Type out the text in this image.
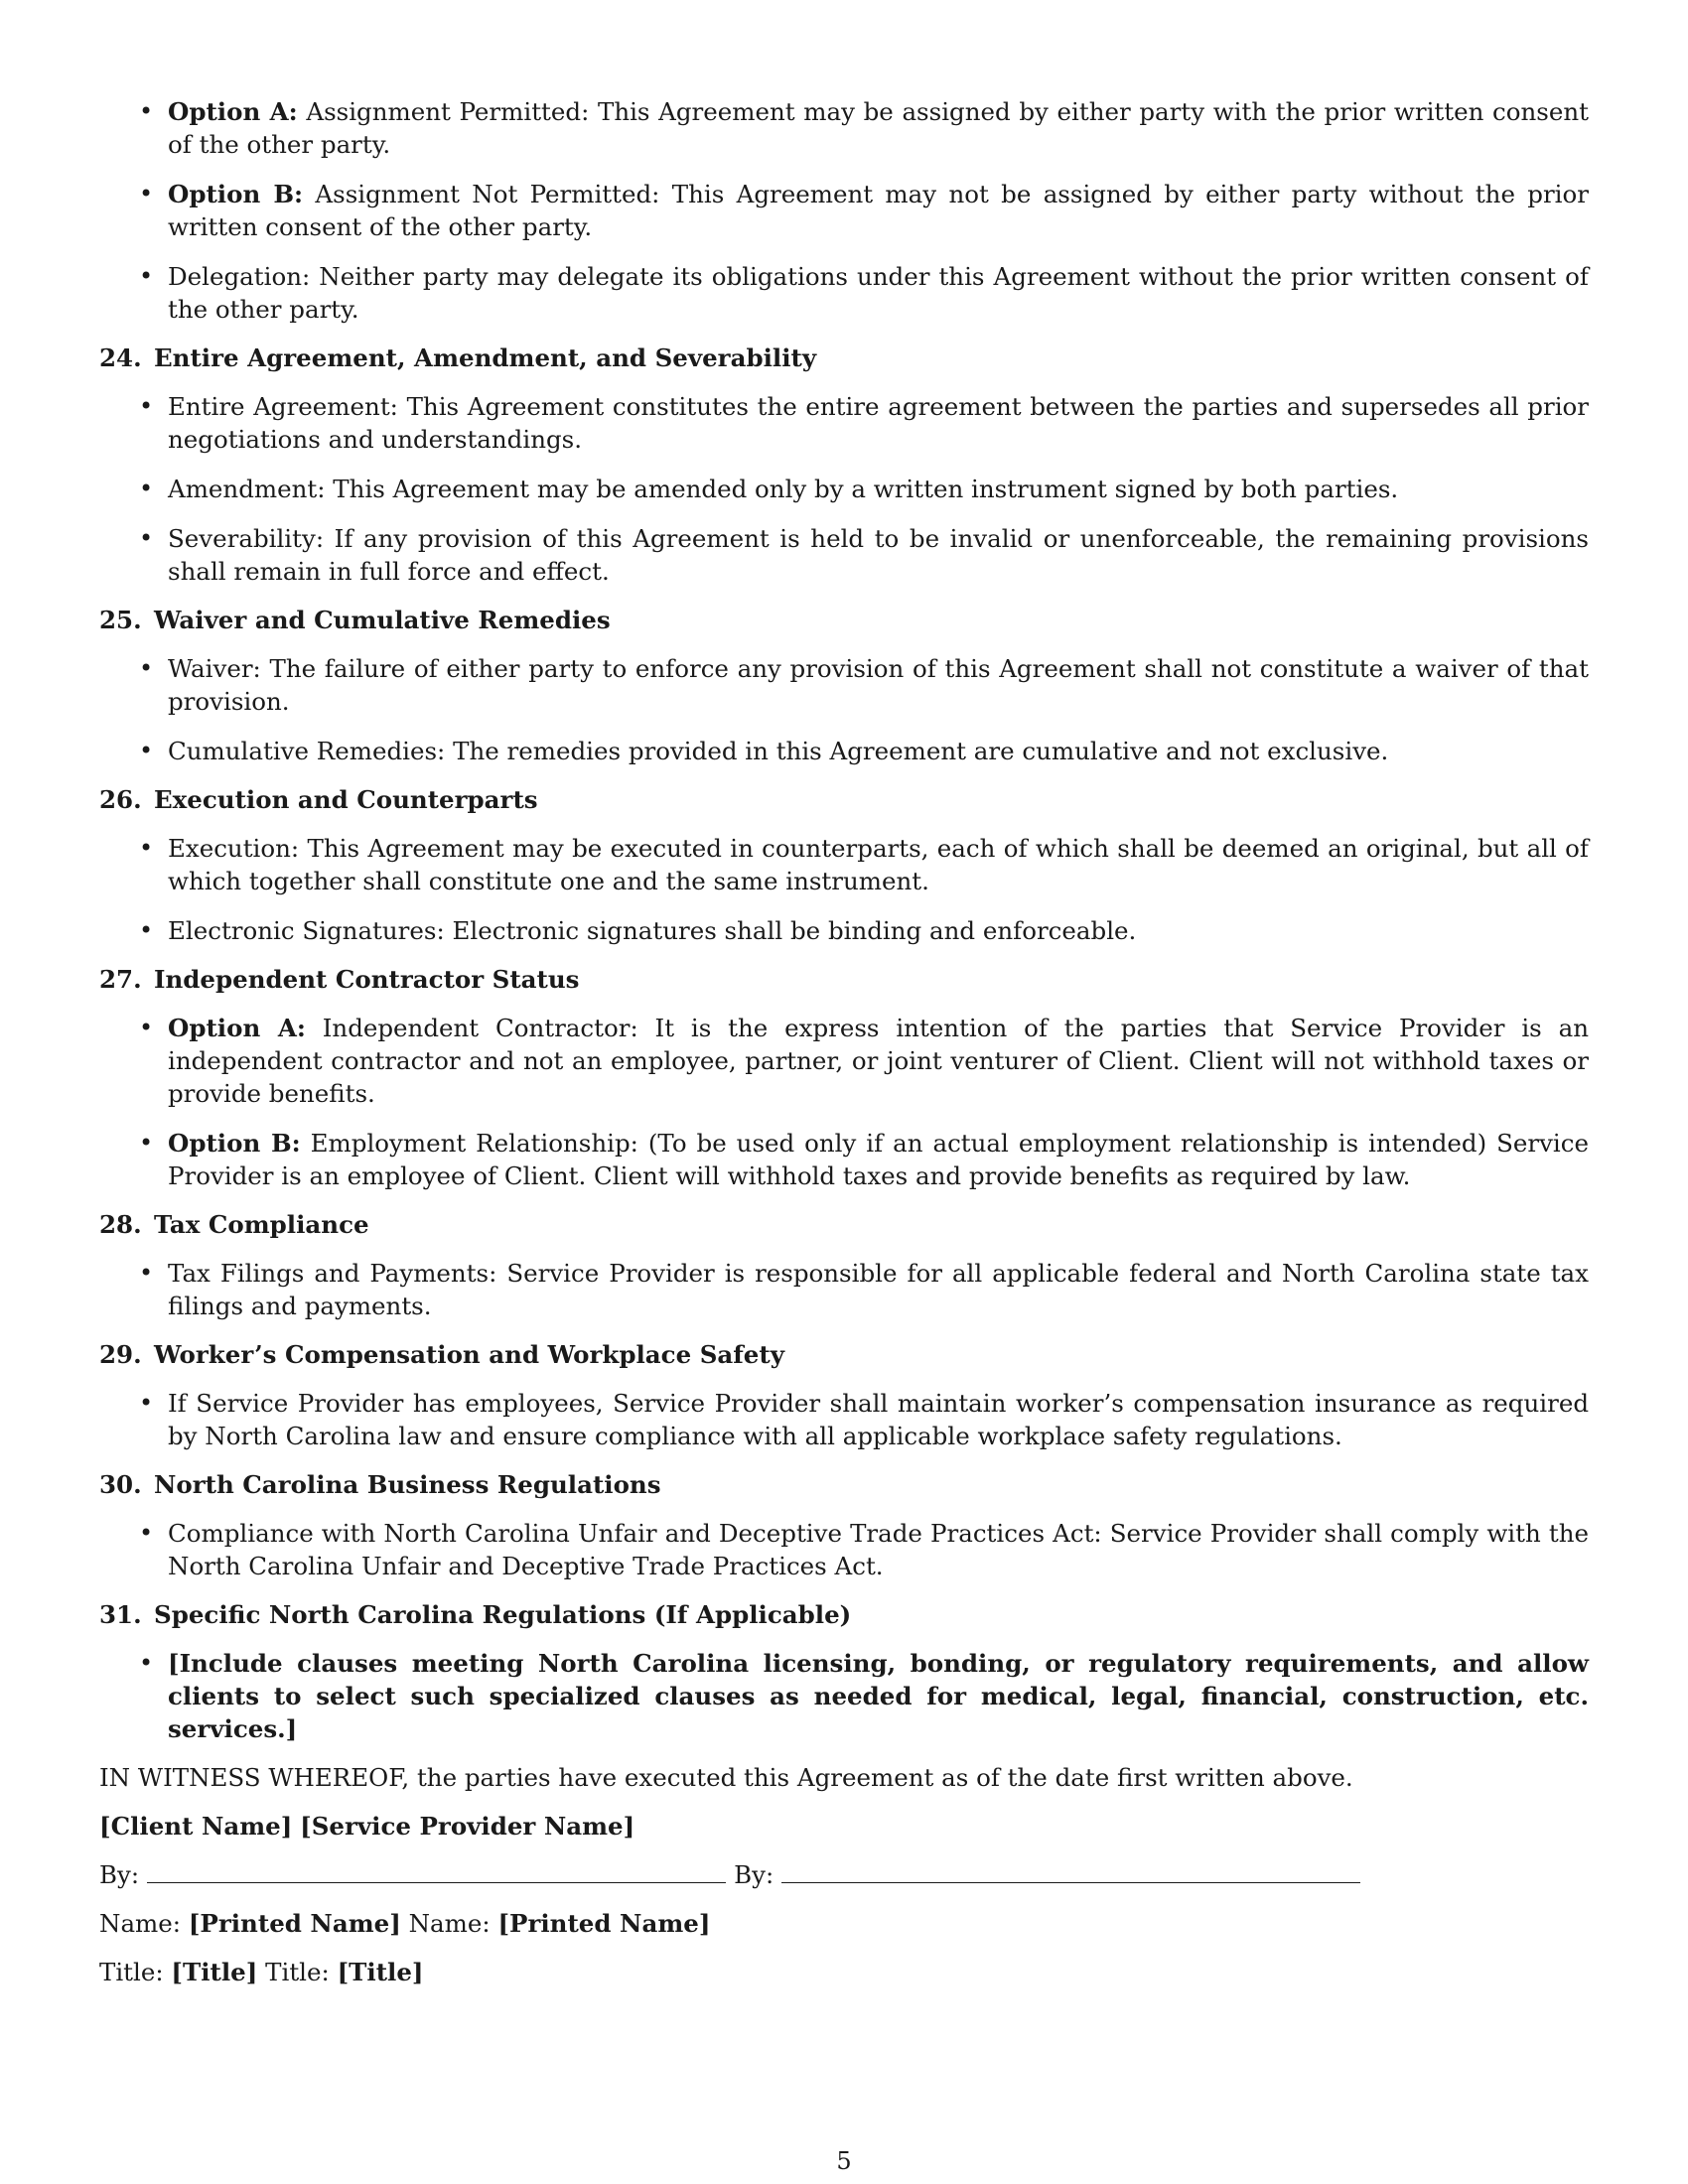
• Option A: Assignment Permitted: This Agreement may be assigned by either party with the prior written consent of the other party.
• Option B: Assignment Not Permitted: This Agreement may not be assigned by either party without the prior written consent of the other party.
• Delegation: Neither party may delegate its obligations under this Agreement without the prior written consent of the other party.
24. Entire Agreement, Amendment, and Severability
• Entire Agreement: This Agreement constitutes the entire agreement between the parties and supersedes all prior negotiations and understandings.
• Amendment: This Agreement may be amended only by a written instrument signed by both parties.
• Severability: If any provision of this Agreement is held to be invalid or unenforceable, the remaining provisions shall remain in full force and effect.
25. Waiver and Cumulative Remedies
• Waiver: The failure of either party to enforce any provision of this Agreement shall not constitute a waiver of that provision.
• Cumulative Remedies: The remedies provided in this Agreement are cumulative and not exclusive.
26. Execution and Counterparts
• Execution: This Agreement may be executed in counterparts, each of which shall be deemed an original, but all of which together shall constitute one and the same instrument.
• Electronic Signatures: Electronic signatures shall be binding and enforceable.
27. Independent Contractor Status
• Option A: Independent Contractor: It is the express intention of the parties that Service Provider is an independent contractor and not an employee, partner, or joint venturer of Client. Client will not withhold taxes or provide benefits.
• Option B: Employment Relationship: (To be used only if an actual employment relationship is intended) Service Provider is an employee of Client. Client will withhold taxes and provide benefits as required by law.
28. Tax Compliance
• Tax Filings and Payments: Service Provider is responsible for all applicable federal and North Carolina state tax filings and payments.
29. Worker’s Compensation and Workplace Safety
• If Service Provider has employees, Service Provider shall maintain worker’s compensation insurance as required by North Carolina law and ensure compliance with all applicable workplace safety regulations.
30. North Carolina Business Regulations
• Compliance with North Carolina Unfair and Deceptive Trade Practices Act: Service Provider shall comply with the North Carolina Unfair and Deceptive Trade Practices Act.
31. Specific North Carolina Regulations (If Applicable)
• [Include clauses meeting North Carolina licensing, bonding, or regulatory requirements, and allow clients to select such specialized clauses as needed for medical, legal, financial, construction, etc. services.]

IN WITNESS WHEREOF, the parties have executed this Agreement as of the date first written above.

[Client Name] [Service Provider Name]

By:	By:

Name: [Printed Name] Name: [Printed Name]

Title: [Title] Title: [Title]

5
